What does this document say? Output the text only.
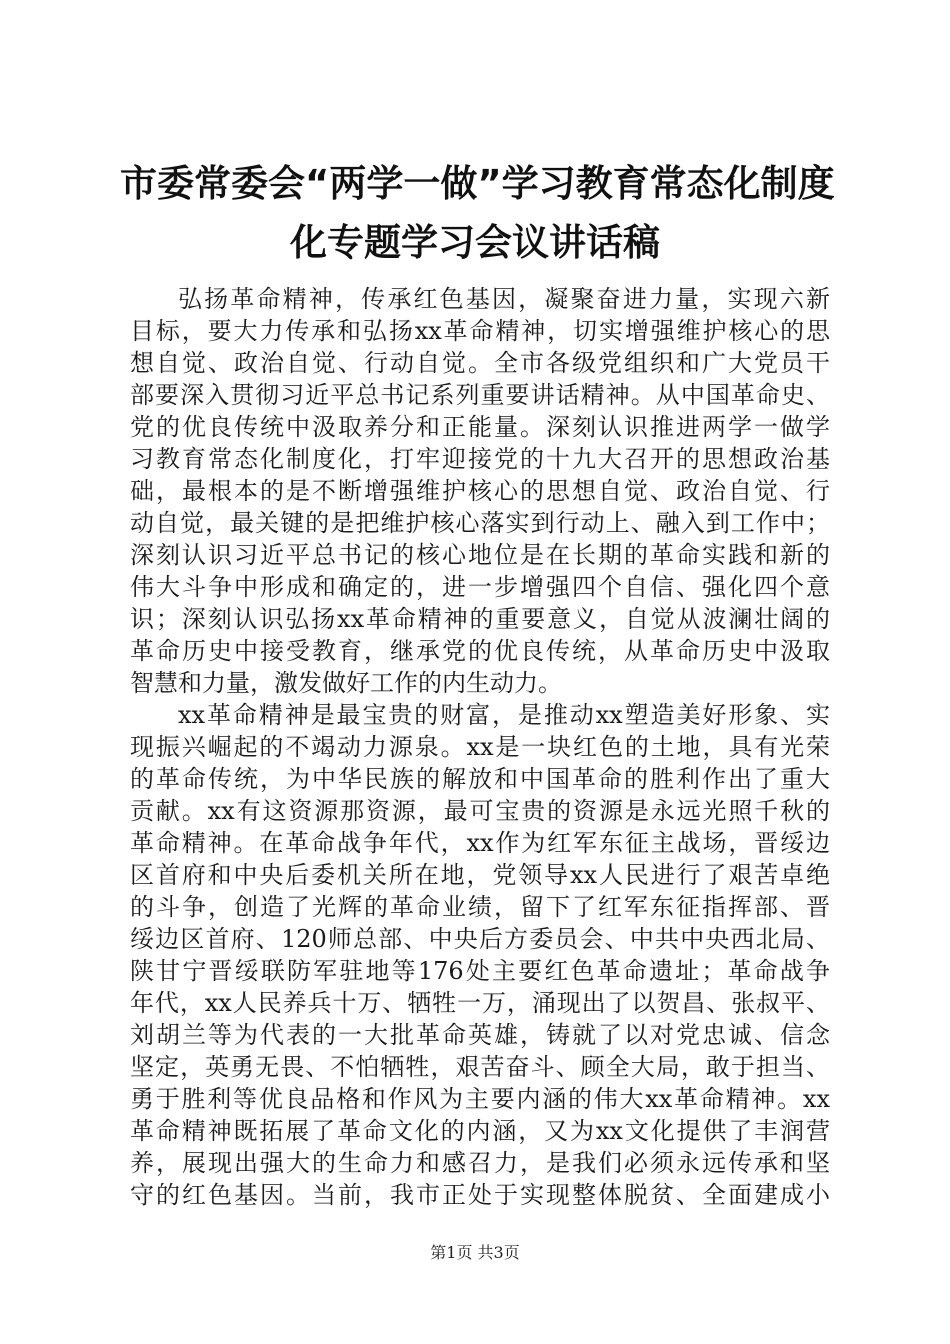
市委常委会“两学一做”学习教育常态化制度
化专题学习会议讲话稿
弘扬革命精神，传承红色基因，凝聚奋进力量，实现六新
目标，要大力传承和弘扬xx革命精神，切实增强维护核心的思
想自觉、政治自觉、行动自觉。全市各级党组织和广大党员干
部要深入贯彻习近平总书记系列重要讲话精神。从中国革命史、
党的优良传统中汲取养分和正能量。深刻认识推进两学一做学
习教育常态化制度化，打牢迎接党的十九大召开的思想政治基
础，最根本的是不断增强维护核心的思想自觉、政治自觉、行
动自觉，最关键的是把维护核心落实到行动上、融入到工作中；
深刻认识习近平总书记的核心地位是在长期的革命实践和新的
伟大斗争中形成和确定的，进一步增强四个自信、强化四个意
识；深刻认识弘扬xx革命精神的重要意义，自觉从波澜壮阔的
革命历史中接受教育，继承党的优良传统，从革命历史中汲取
智慧和力量，激发做好工作的内生动力。
xx革命精神是最宝贵的财富，是推动xx塑造美好形象、实
现振兴崛起的不竭动力源泉。xx是一块红色的土地，具有光荣
的革命传统，为中华民族的解放和中国革命的胜利作出了重大
贡献。xx有这资源那资源，最可宝贵的资源是永远光照千秋的
革命精神。在革命战争年代，xx作为红军东征主战场，晋绥边
区首府和中央后委机关所在地，党领导xx人民进行了艰苦卓绝
的斗争，创造了光辉的革命业绩，留下了红军东征指挥部、晋
绥边区首府、120师总部、中央后方委员会、中共中央西北局、
陕甘宁晋绥联防军驻地等176处主要红色革命遗址；革命战争
年代，xx人民养兵十万、牺牲一万，涌现出了以贺昌、张叔平、
刘胡兰等为代表的一大批革命英雄，铸就了以对党忠诚、信念
坚定，英勇无畏、不怕牺牲，艰苦奋斗、顾全大局，敢于担当、
勇于胜利等优良品格和作风为主要内涵的伟大xx革命精神。xx
革命精神既拓展了革命文化的内涵，又为xx文化提供了丰润营
养，展现出强大的生命力和感召力，是我们必须永远传承和坚
守的红色基因。当前，我市正处于实现整体脱贫、全面建成小
第1页 共3页
